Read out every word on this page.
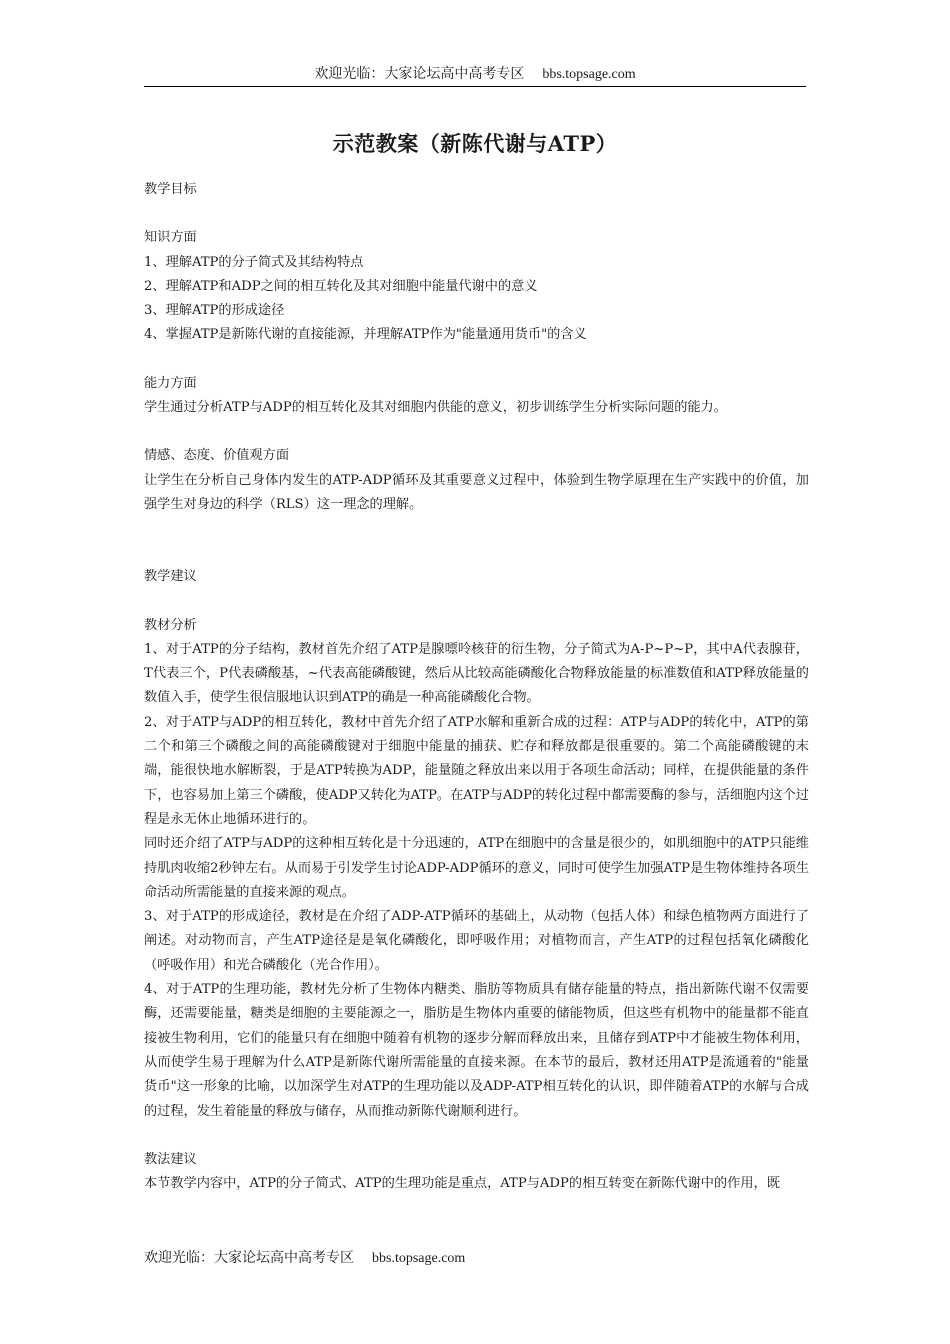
欢迎光临：大家论坛高中高考专区 bbs.topsage.com
示范教案（新陈代谢与ATP）

教学目标

知识方面

1、理解ATP的分子简式及其结构特点

2、理解ATP和ADP之间的相互转化及其对细胞中能量代谢中的意义

3、理解ATP的形成途径

4、掌握ATP是新陈代谢的直接能源，并理解ATP作为"能量通用货币"的含义

能力方面

学生通过分析ATP与ADP的相互转化及其对细胞内供能的意义，初步训练学生分析实际问题的能力。

情感、态度、价值观方面

让学生在分析自己身体内发生的ATP-ADP循环及其重要意义过程中，体验到生物学原理在生产实践中的价值，加强学生对身边的科学（RLS）这一理念的理解。

教学建议

教材分析

1、对于ATP的分子结构，教材首先介绍了ATP是腺嘌呤核苷的衍生物，分子简式为A-P~P~P，其中A代表腺苷，T代表三个，P代表磷酸基，~代表高能磷酸键，然后从比较高能磷酸化合物释放能量的标准数值和ATP释放能量的数值入手，使学生很信服地认识到ATP的确是一种高能磷酸化合物。

2、对于ATP与ADP的相互转化，教材中首先介绍了ATP水解和重新合成的过程：ATP与ADP的转化中，ATP的第二个和第三个磷酸之间的高能磷酸键对于细胞中能量的捕获、贮存和释放都是很重要的。第二个高能磷酸键的末端，能很快地水解断裂，于是ATP转换为ADP，能量随之释放出来以用于各项生命活动；同样，在提供能量的条件下，也容易加上第三个磷酸，使ADP又转化为ATP。在ATP与ADP的转化过程中都需要酶的参与，活细胞内这个过程是永无休止地循环进行的。

同时还介绍了ATP与ADP的这种相互转化是十分迅速的，ATP在细胞中的含量是很少的，如肌细胞中的ATP只能维持肌肉收缩2秒钟左右。从而易于引发学生讨论ADP-ADP循环的意义，同时可使学生加强ATP是生物体维持各项生命活动所需能量的直接来源的观点。

3、对于ATP的形成途径，教材是在介绍了ADP-ATP循环的基础上，从动物（包括人体）和绿色植物两方面进行了阐述。对动物而言，产生ATP途径是是氧化磷酸化，即呼吸作用；对植物而言，产生ATP的过程包括氧化磷酸化（呼吸作用）和光合磷酸化（光合作用）。

4、对于ATP的生理功能，教材先分析了生物体内糖类、脂肪等物质具有储存能量的特点，指出新陈代谢不仅需要酶，还需要能量，糖类是细胞的主要能源之一，脂肪是生物体内重要的储能物质，但这些有机物中的能量都不能直接被生物利用，它们的能量只有在细胞中随着有机物的逐步分解而释放出来，且储存到ATP中才能被生物体利用，从而使学生易于理解为什么ATP是新陈代谢所需能量的直接来源。在本节的最后，教材还用ATP是流通着的"能量货币"这一形象的比喻，以加深学生对ATP的生理功能以及ADP-ATP相互转化的认识，即伴随着ATP的水解与合成的过程，发生着能量的释放与储存，从而推动新陈代谢顺利进行。

教法建议

本节教学内容中，ATP的分子简式、ATP的生理功能是重点，ATP与ADP的相互转变在新陈代谢中的作用，既

欢迎光临：大家论坛高中高考专区 bbs.topsage.com
